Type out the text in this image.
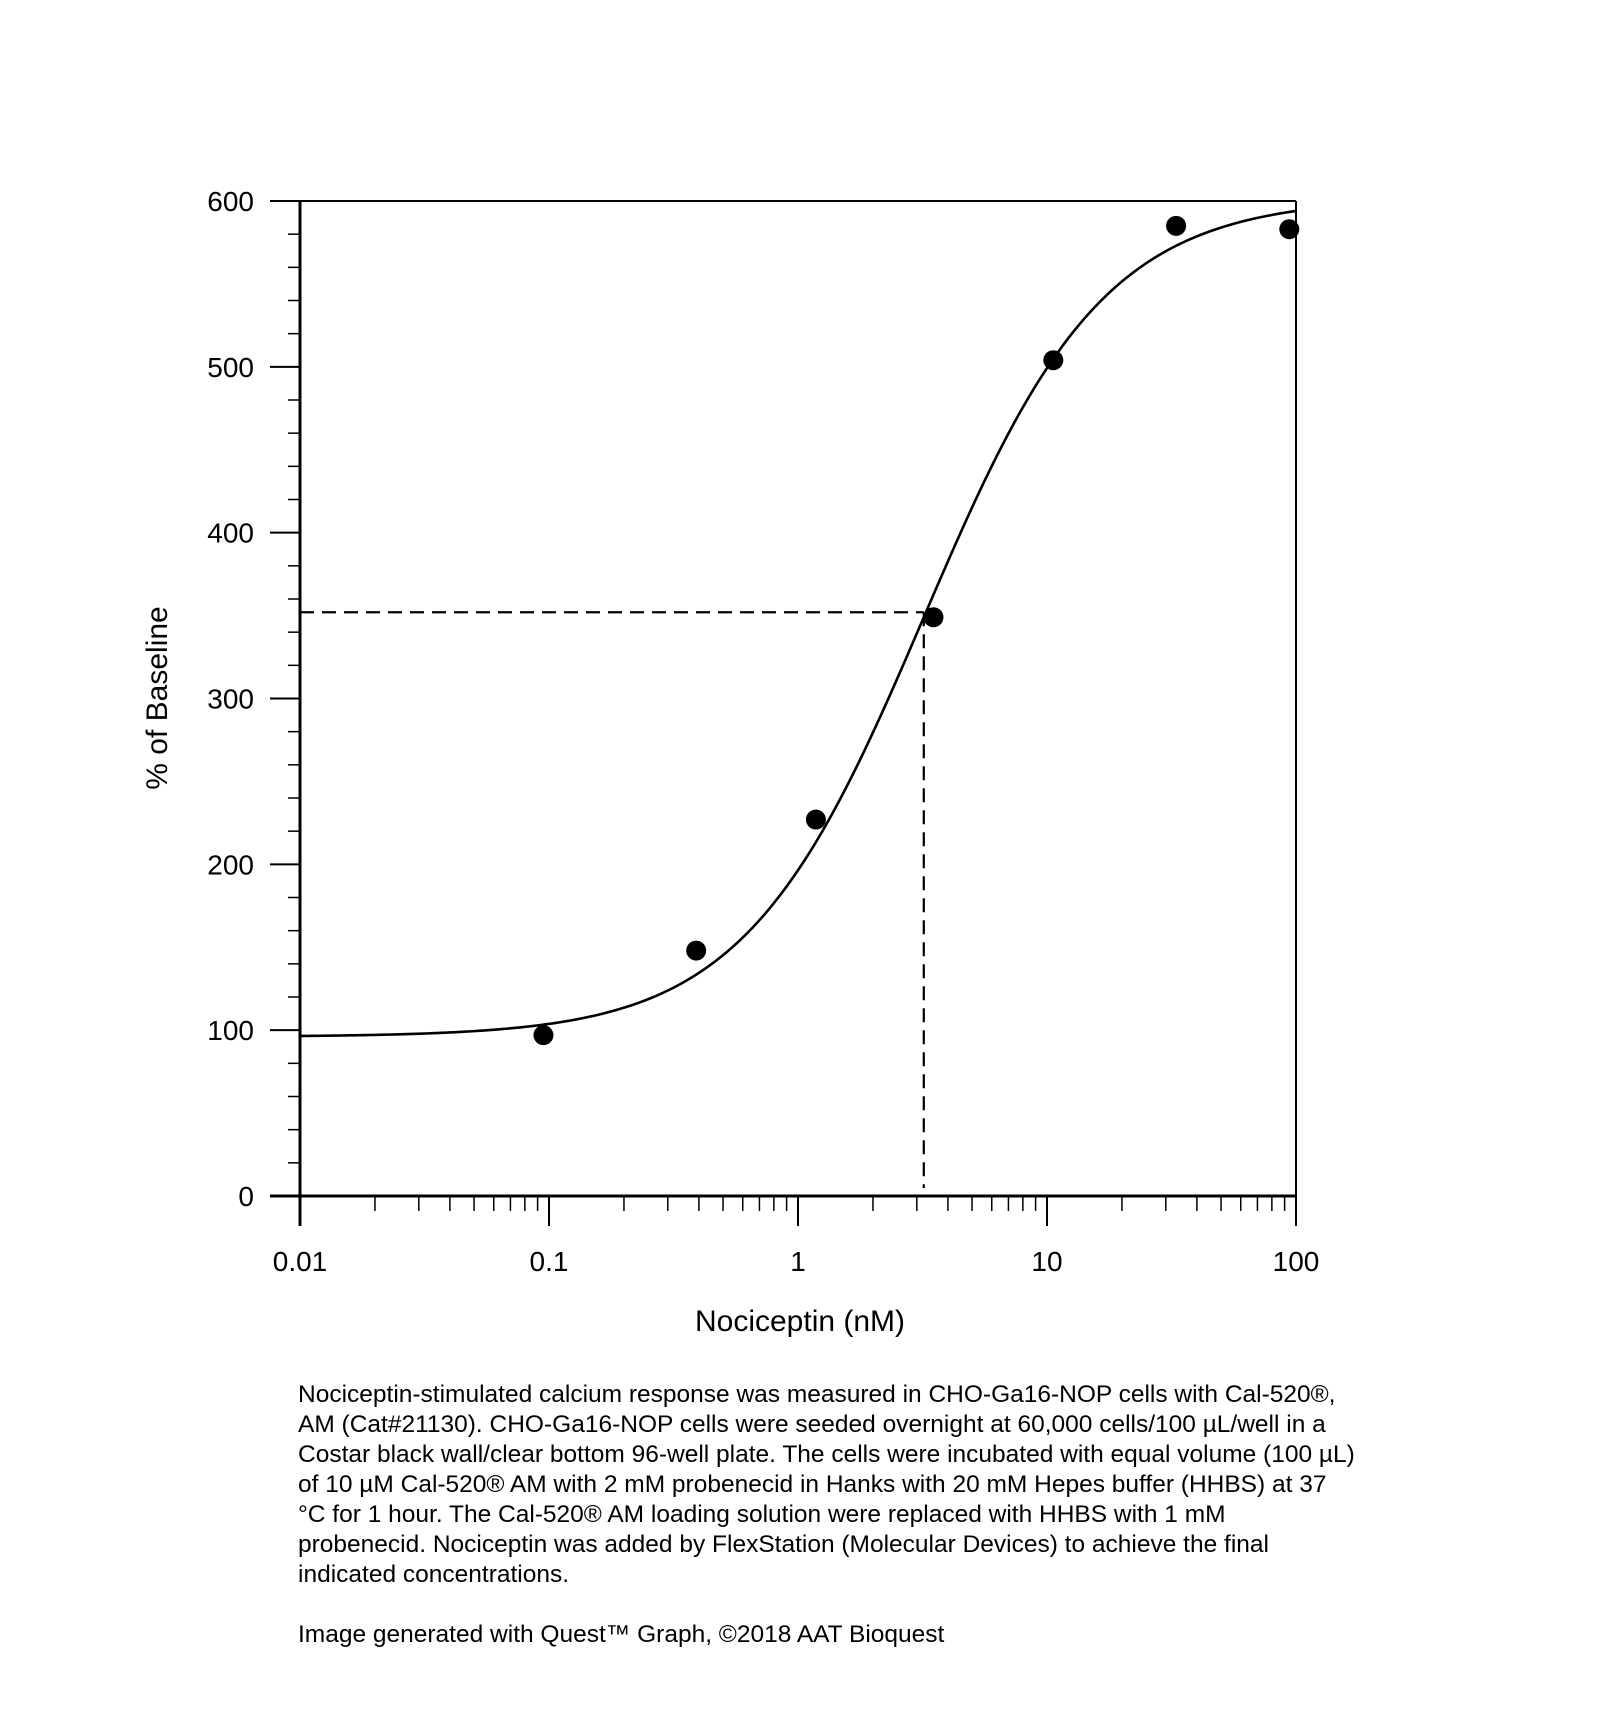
0
100
200
300
400
500
600
0.01	0.1	1	10	100
Nociceptin (nM)
% of Baseline

Nociceptin-stimulated calcium response was measured in CHO-Ga16-NOP cells with Cal-520®, AM (Cat#21130). CHO-Ga16-NOP cells were seeded overnight at 60,000 cells/100 µL/well in a Costar black wall/clear bottom 96-well plate. The cells were incubated with equal volume (100 µL) of 10 µM Cal-520® AM with 2 mM probenecid in Hanks with 20 mM Hepes buffer (HHBS) at 37 °C for 1 hour. The Cal-520® AM loading solution were replaced with HHBS with 1 mM probenecid. Nociceptin was added by FlexStation (Molecular Devices) to achieve the final indicated concentrations.

Image generated with Quest™ Graph, ©2018 AAT Bioquest
